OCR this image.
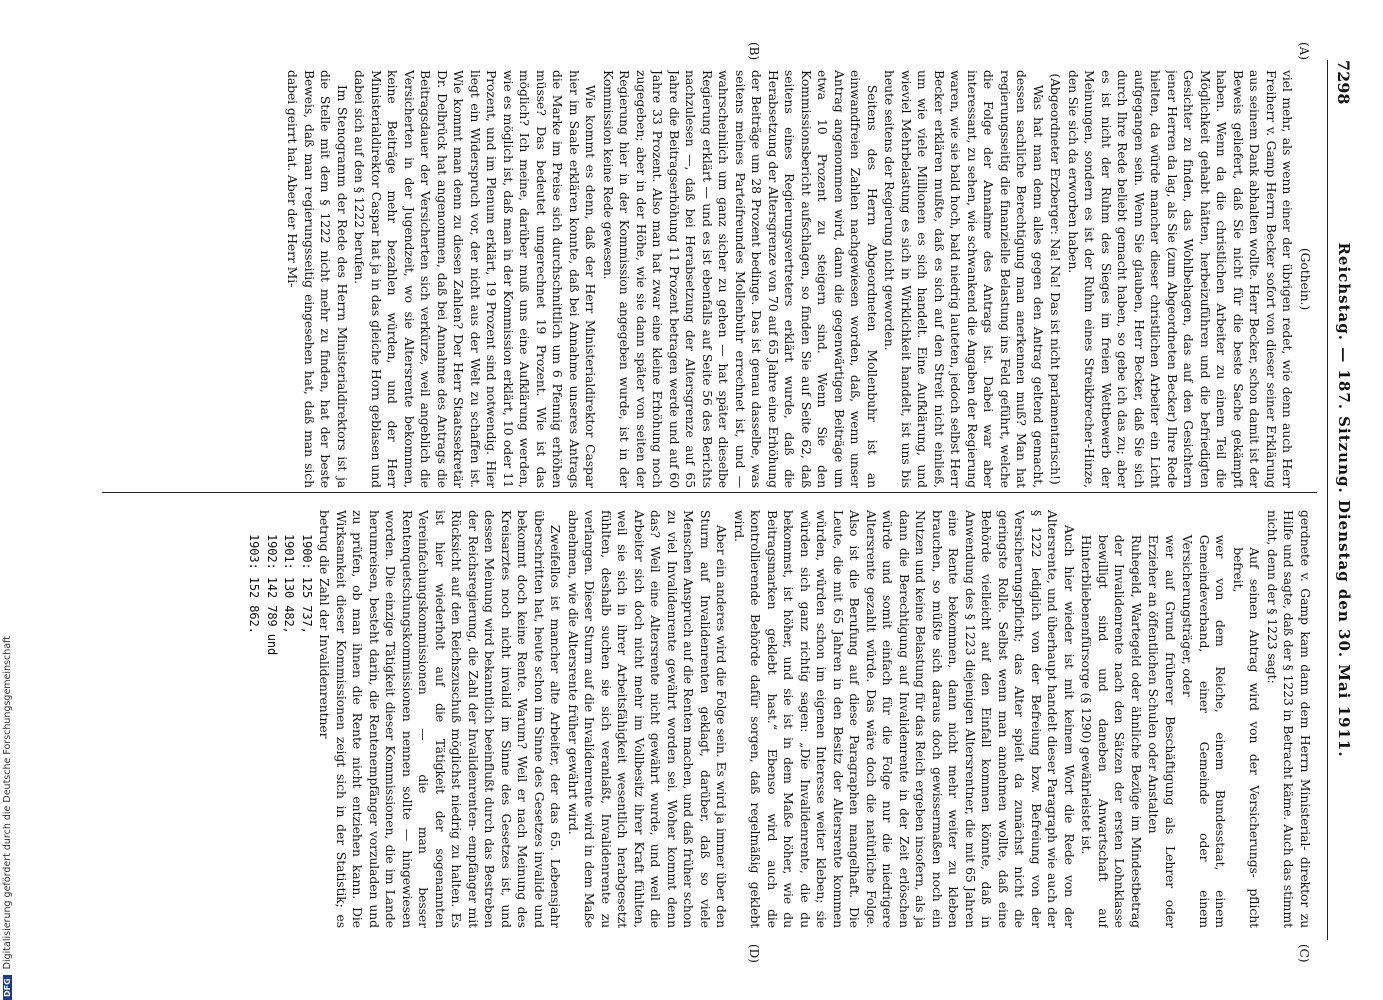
7298
Reichstag. — 187. Sitzung. Dienstag den 30. Mai 1911.
(A)
(B)
(C)
(D)

(Gothein.)

viel mehr, als wenn einer der übrigen redet, wie denn auch Herr Freiherr v. Gamp Herrn Becker sofort von dieser seiner Erklärung aus seinem Dank abhalten wollte. Herr Becker, schon damit ist der Beweis geliefert, daß Sie nicht für die beste Sache gekämpft haben. Wenn da die christlichen Arbeiter zu einem Teil die Möglichkeit gehabt hätten, herbeizuführen und die befriedigten Gesichter zu finden, das Wohlbehagen, das auf den Gesichtern jener Herren da lag, als Sie (zum Abgeordneten Becker) Ihre Rede hielten, da würde mancher dieser christlichen Arbeiter ein Licht aufgegangen sein. Wenn Sie glauben, Herr Becker, daß Sie sich durch Ihre Rede beliebt gemacht haben, so gebe ich das zu; aber es ist nicht der Ruhm des Sieges im freien Wettbewerb der Meinungen, sondern es ist der Ruhm eines Streikbrecher-Hinze, den Sie sich da erworben haben.

(Abgeordneter Erzberger: Na! Na! Das ist nicht parlamentarisch!)

Was hat man denn alles gegen den Antrag geltend gemacht, dessen sachliche Berechtigung man anerkennen muß? Man hat regierungsseitig die finanzielle Belastung ins Feld geführt, welche die Folge der Annahme des Antrags ist. Dabei war aber interessant, zu sehen, wie schwankend die Angaben der Regierung waren, wie sie bald hoch, bald niedrig lauteten, jedoch selbst Herr Becker erklären mußte, daß es sich auf den Streit nicht einließ, um wie viele Millionen es sich handelt. Eine Aufklärung, und wieviel Mehrbelastung es sich in Wirklichkeit handelt, ist uns bis heute seitens der Regierung nicht geworden.

Seitens des Herrn Abgeordneten Mollenbuhr ist an einwandfreien Zahlen nachgewiesen worden, daß, wenn unser Antrag angenommen wird, dann die gegenwärtigen Beiträge um etwa 10 Prozent zu steigern sind. Wenn Sie den Kommissionsbericht aufschlagen, so finden Sie auf Seite 62, daß seitens eines Regierungsvertreters erklärt wurde, daß die Herabsetzung der Altersgrenze von 70 auf 65 Jahre eine Erhöhung der Beiträge um 28 Prozent bedinge. Das ist genau dasselbe, was seitens meines Parteifreundes Mollenbuhr errechnet ist, und — wahrscheinlich um ganz sicher zu gehen — hat später dieselbe Regierung erklärt — und es ist ebenfalls auf Seite 56 des Berichts nachzulesen —, daß bei Herabsetzung der Altersgrenze auf 65 Jahre die Beitragserhöhung 11 Prozent betragen werde und auf 60 Jahre 33 Prozent. Also man hat zwar eine kleine Erhöhung noch zugegeben; aber in der Höhe, wie sie dann später von seiten der Regierung hier in der Kommission angegeben wurde, ist in der Kommission keine Rede gewesen.

Wie kommt es denn, daß der Herr Ministerialdirektor Caspar hier im Saale erklären konnte, daß bei Annahme unseres Antrags die Marke im Preise sich durchschnittlich um 6 Pfennig erhöhen müsse? Das bedeutet umgerechnet 19 Prozent. Wie ist das möglich? Ich meine, darüber muß uns eine Aufklärung werden, wie es möglich ist, daß man in der Kommission erklärt, 10 oder 11 Prozent, und im Plenum erklärt, 19 Prozent sind notwendig. Hier liegt ein Widerspruch vor, der nicht aus der Welt zu schaffen ist. Wie kommt man denn zu diesen Zahlen? Der Herr Staatssekretär Dr. Delbrück hat angenommen, daß bei Annahme des Antrags die Beitragsdauer der Versicherten sich verkürze, weil angeblich die Versicherten in der Jugendzeit, wo sie Altersrente bekommen, keine Beiträge mehr bezahlen würden, und der Herr Ministerialdirektor Caspar hat ja in das gleiche Horn geblasen und dabei sich auf den § 1222 berufen.

Im Stenogramm der Rede des Herrn Ministerialdirektors ist ja die Stelle mit dem § 1222 nicht mehr zu finden, hat der beste Beweis, daß man regierungsseitig eingesehen hat, daß man sich dabei geirrt hat. Aber der Herr Mi-

gerdnete v. Gamp kam dann dem Herrn Ministerial- direktor zu Hilfe und sagte, daß der § 1223 in Betracht käme. Auch das stimmt nicht, denn der § 1223 sagt:

Auf seinen Antrag wird von der Versicherungs- pflicht befreit,

wer von dem Reiche, einem Bundesstaat, einem Gemeindeverband, einer Gemeinde oder einem Versicherungsträger, oder

wer auf Grund früherer Beschäftigung als Lehrer oder Erzieher an öffentlichen Schulen oder Anstalten

Ruhegeld, Wartegeld oder ähnliche Bezüge im Mindestbetrag der Invalidenrente nach den Sätzen der ersten Lohnklasse bewilligt sind und daneben Anwartschaft auf Hinterbliebenenfürsorge (§ 1290) gewährleistet ist.

Auch hier wieder ist mit keinem Wort die Rede von der Altersrente, und überhaupt handelt dieser Paragraph wie auch der § 1222 lediglich von der Befreiung bzw. Befreiung von der Versicherungspflicht; das Alter spielt da zunächst nicht die geringste Rolle. Selbst wenn man annehmen wollte, daß eine Behörde vielleicht auf den Einfall kommen könnte, daß in Anwendung des § 1223 diejenigen Altersrentner, die mit 65 Jahren eine Rente bekommen, dann nicht mehr weiter zu kleben brauchen, so müßte sich daraus doch gewissermaßen noch ein Nutzen und keine Belastung für das Reich ergeben insofern, als ja dann die Berechtigung auf Invalidenrente in der Zeit erlöschen würde und somit einfach für die Folge nur die niedrigere Altersrente gezahlt würde. Das wäre doch die natürliche Folge. Also ist die Berufung auf diese Paragraphen mangelhaft. Die Leute, die mit 65 Jahren in den Besitz der Altersrente kommen würden, würden schon im eigenen Interesse weiter kleben; sie würden sich ganz richtig sagen: „Die Invalidenrente, die du bekommst, ist höher, und sie ist in dem Maße höher, wie du Beitragsmarken geklebt hast.“ Ebenso wird auch die kontrollierende Behörde dafür sorgen, daß regelmäßig geklebt wird.

Aber ein anderes wird die Folge sein. Es wird ja immer über den Sturm auf Invalidenrenten geklagt, darüber, daß so viele Menschen Anspruch auf die Renten machen, und daß früher schon zu viel Invalidenrente gewährt worden sei. Woher kommt denn das? Weil eine Altersrente nicht gewährt wurde, und weil die Arbeiter sich doch nicht mehr im Vollbesitz ihrer Kraft fühlten, weil sie sich in ihrer Arbeitsfähigkeit wesentlich herabgesetzt fühlten, deshalb suchen sie sich veranlaßt, Invalidenrente zu verlangen. Dieser Sturm auf die Invalidenrente wird in dem Maße abnehmen, wie die Altersrente früher gewährt wird.

Zweifellos ist mancher alte Arbeiter, der das 65. Lebensjahr überschritten hat, heute schon im Sinne des Gesetzes invalide und bekommt doch keine Rente. Warum? Weil er nach Meinung des Kreisarztes noch nicht invalid im Sinne des Gesetzes ist, und dessen Meinung wird bekanntlich beeinflußt durch das Bestreben der Reichsregierung, die Zahl der Invalidenrenten- empfänger mit Rücksicht auf den Reichszuschuß möglichst niedrig zu halten. Es ist hier wiederholt auf die Tätigkeit der sogenannten Vereinfachungskommissionen — die man besser Rentenquetschungskommissionen nennen sollte — hingewiesen worden. Die einzige Tätigkeit dieser Kommissionen, die im Lande herumreisen, besteht darin, die Rentenempfänger vorzuladen und zu prüfen, ob man ihnen die Rente nicht entziehen kann. Die Wirksamkeit dieser Kommissionen zeigt sich in der Statistik; es betrug die Zahl der Invalidenrentner

1900: 125 737,

1901: 130 482,

1902: 142 789 und

1903: 152 862.

DFGDigitalisierung gefördert durch die Deutsche Forschungsgemeinschaft
